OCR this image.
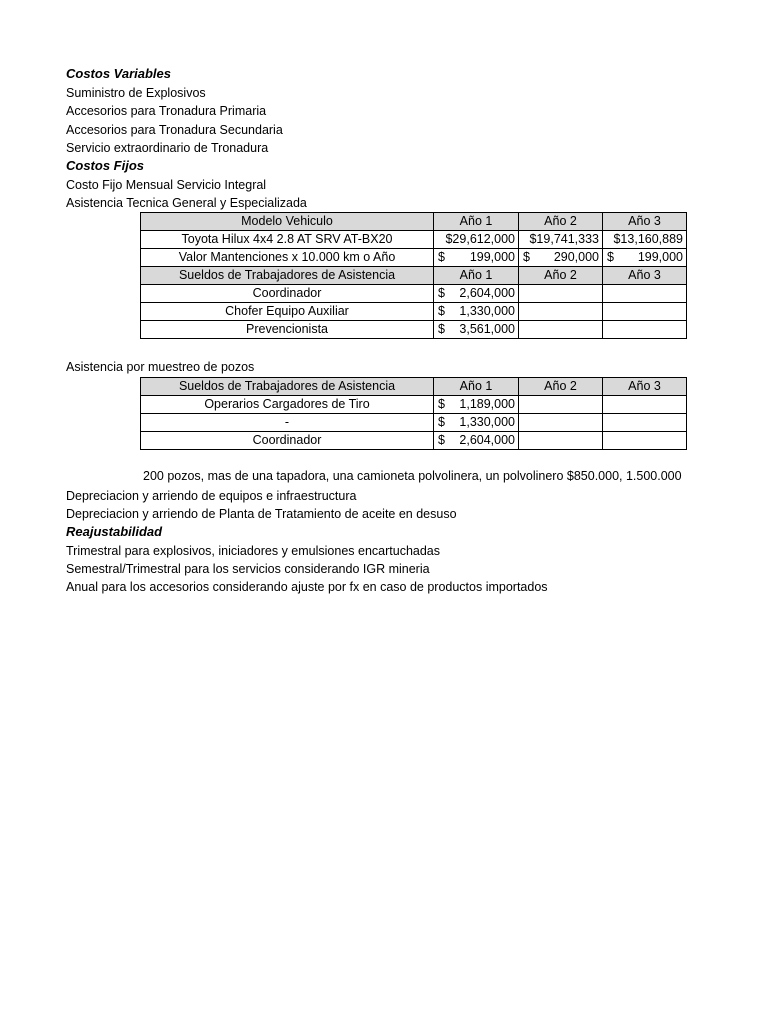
Costos Variables
Suministro de Explosivos
Accesorios para Tronadura Primaria
Accesorios para Tronadura Secundaria
Servicio extraordinario de Tronadura
Costos Fijos
Costo Fijo Mensual Servicio Integral
Asistencia Tecnica General y Especializada
Modelo Vehiculo	Año 1	Año 2	Año 3
Toyota Hilux 4x4 2.8 AT SRV AT-BX20	$29,612,000	$19,741,333	$13,160,889
Valor Mantenciones x 10.000 km o Año	$ 199,000	$ 290,000	$ 199,000

Sueldos de Trabajadores de Asistencia	Año 1	Año 2	Año 3
Coordinador	$ 2,604,000		

Chofer Equipo Auxiliar	$ 1,330,000		

Prevencionista	$ 3,561,000		

Asistencia por muestreo de pozos
Sueldos de Trabajadores de Asistencia	Año 1	Año 2	Año 3
Operarios Cargadores de Tiro	$ 1,189,000		

-	$ 1,330,000		

Coordinador	$ 2,604,000		

200 pozos, mas de una tapadora, una camioneta polvolinera, un polvolinero $850.000, 1.500.000
Depreciacion y arriendo de equipos e infraestructura
Depreciacion y arriendo de Planta de Tratamiento de aceite en desuso
Reajustabilidad
Trimestral para explosivos, iniciadores y emulsiones encartuchadas
Semestral/Trimestral para los servicios considerando IGR mineria
Anual para los accesorios considerando ajuste por fx en caso de productos importados
